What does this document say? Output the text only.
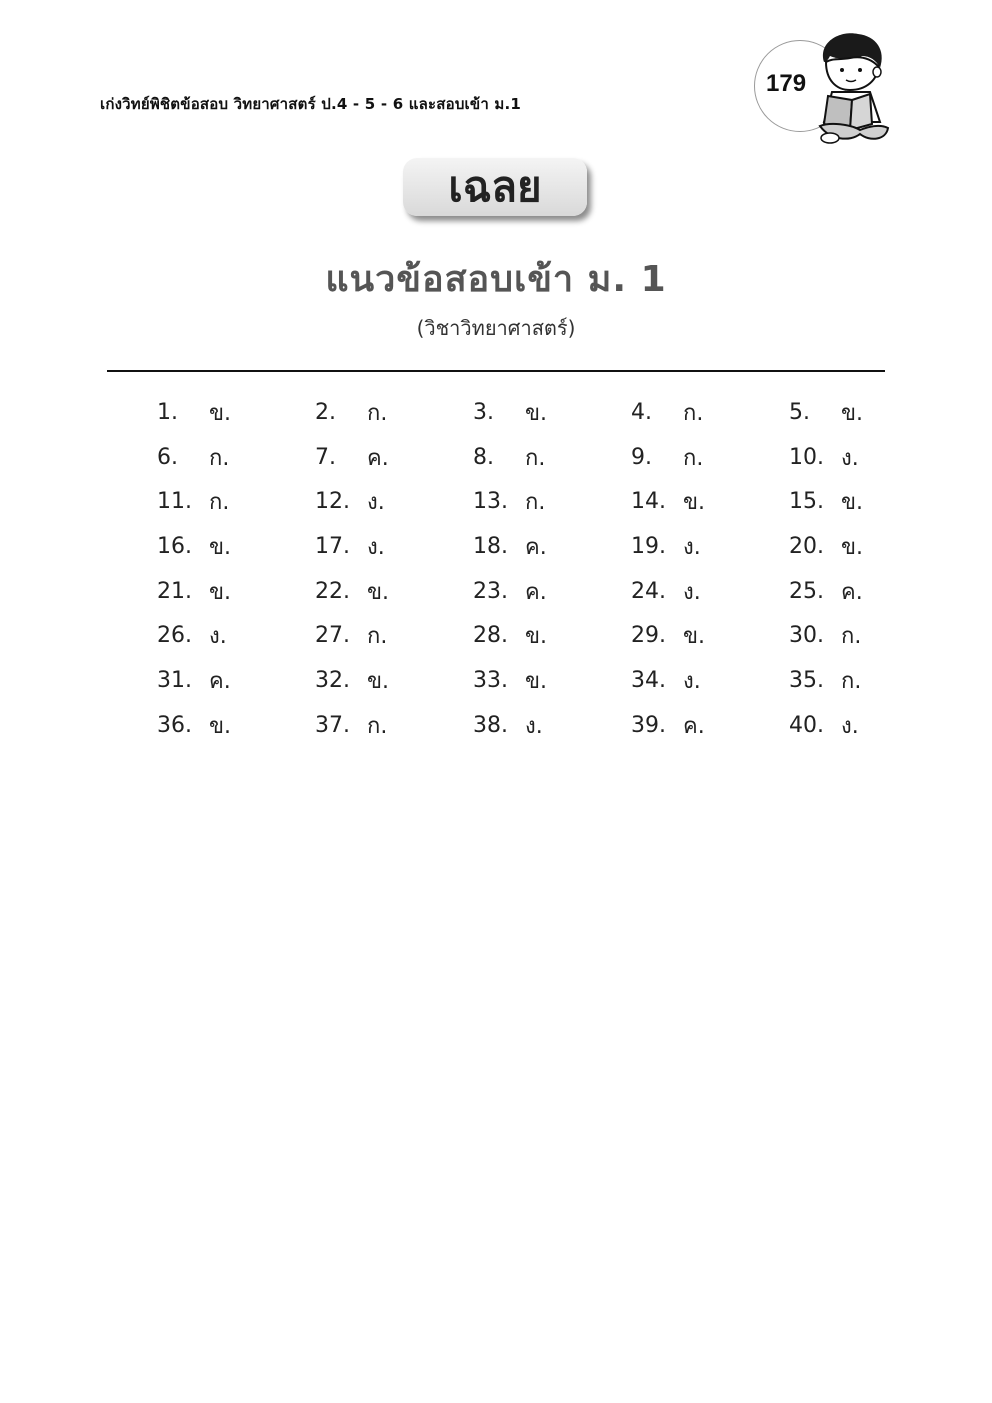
เก่งวิทย์พิชิตข้อสอบ วิทยาศาสตร์ ป.4 - 5 - 6 และสอบเข้า ม.1
179
เฉลย
แนวข้อสอบเข้า ม. 1
(วิชาวิทยาศาสตร์)
1.	ข.	2.	ก.	3.	ข.	4.	ก.	5.	ข.
6.	ก.	7.	ค.	8.	ก.	9.	ก.	10. ง.
11. ก.	12. ง.	13. ก.	14. ข.	15. ข.
16. ข.	17. ง.	18. ค.	19. ง.	20. ข.
21. ข.	22. ข.	23. ค.	24. ง.	25. ค.
26. ง.	27. ก.	28. ข.	29. ข.	30. ก.
31. ค.	32. ข.	33. ข.	34. ง.	35. ก.
36. ข.	37. ก.	38. ง.	39. ค.	40. ง.
